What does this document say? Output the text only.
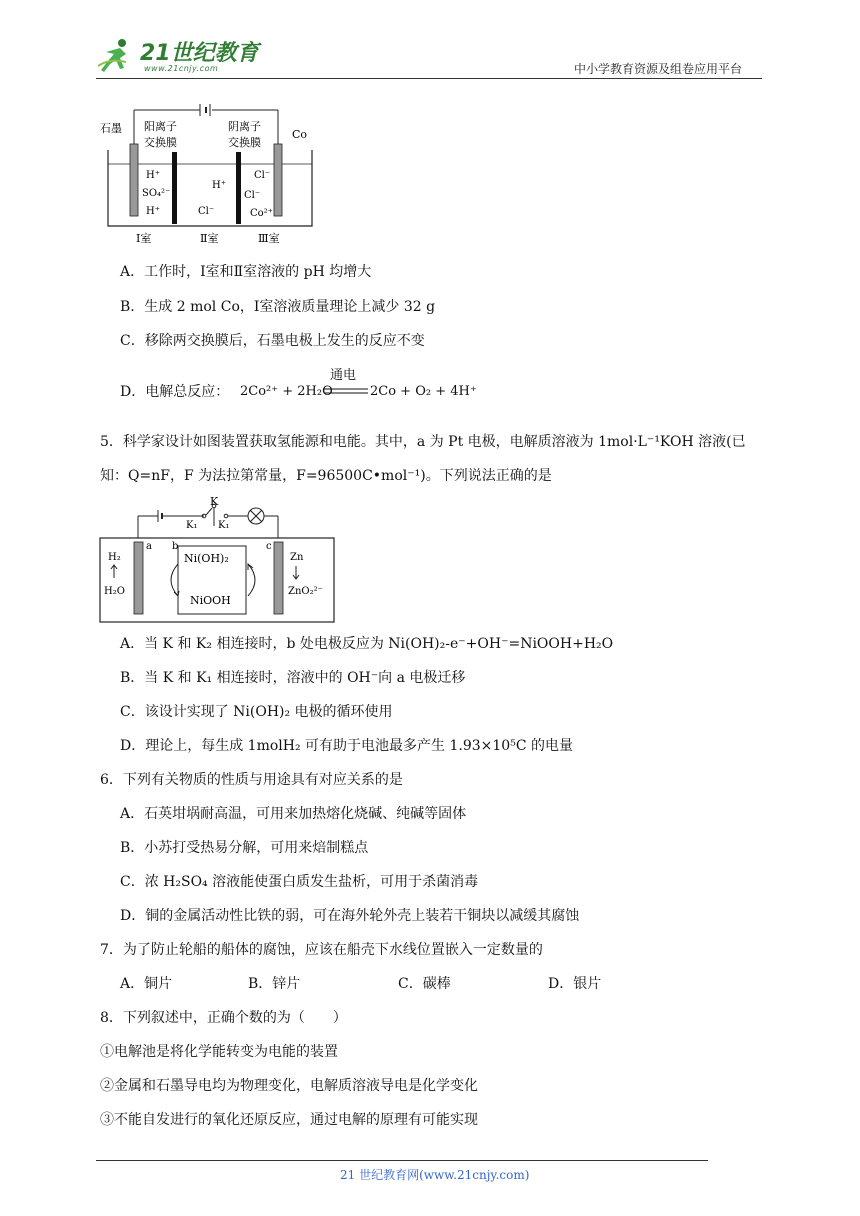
21世纪教育
www.21cnjy.com	中小学教育资源及组卷应用平台
石墨	Co
阳离子
交换膜
阴离子
交换膜
H⁺
SO₄²⁻
H⁺
H⁺
Cl⁻
Cl⁻
Cl⁻
Co²⁺
Ⅰ室	Ⅱ室	Ⅲ室
A．工作时，Ⅰ室和Ⅱ室溶液的 pH 均增大
B．生成 2 mol Co，Ⅰ室溶液质量理论上减少 32 g
C．移除两交换膜后，石墨电极上发生的反应不变
D．电解总反应： 2Co²⁺ + 2H₂O
通电
2Co + O₂ + 4H⁺
5．科学家设计如图装置获取氢能源和电能。其中，a 为 Pt 电极，电解质溶液为 1mol·L⁻¹KOH 溶液(已
知：Q=nF，F 为法拉第常量，F=96500C•mol⁻¹)。下列说法正确的是
K
K₁ K₁
a b	c
Ni(OH)₂
NiOOH
H₂
H₂O
Zn
ZnO₂²⁻
A．当 K 和 K₂ 相连接时，b 处电极反应为 Ni(OH)₂-e⁻+OH⁻=NiOOH+H₂O
B．当 K 和 K₁ 相连接时，溶液中的 OH⁻向 a 电极迁移
C．该设计实现了 Ni(OH)₂ 电极的循环使用
D．理论上，每生成 1molH₂ 可有助于电池最多产生 1.93×10⁵C 的电量
6．下列有关物质的性质与用途具有对应关系的是
A．石英坩埚耐高温，可用来加热熔化烧碱、纯碱等固体
B．小苏打受热易分解，可用来焙制糕点
C．浓 H₂SO₄ 溶液能使蛋白质发生盐析，可用于杀菌消毒
D．铜的金属活动性比铁的弱，可在海外轮外壳上装若干铜块以减缓其腐蚀
7．为了防止轮船的船体的腐蚀，应该在船壳下水线位置嵌入一定数量的
A．铜片	B．锌片	C．碳棒	D．银片
8．下列叙述中，正确个数的为（　　）
①电解池是将化学能转变为电能的装置
②金属和石墨导电均为物理变化，电解质溶液导电是化学变化
③不能自发进行的氧化还原反应，通过电解的原理有可能实现
21 世纪教育网(www.21cnjy.com)
